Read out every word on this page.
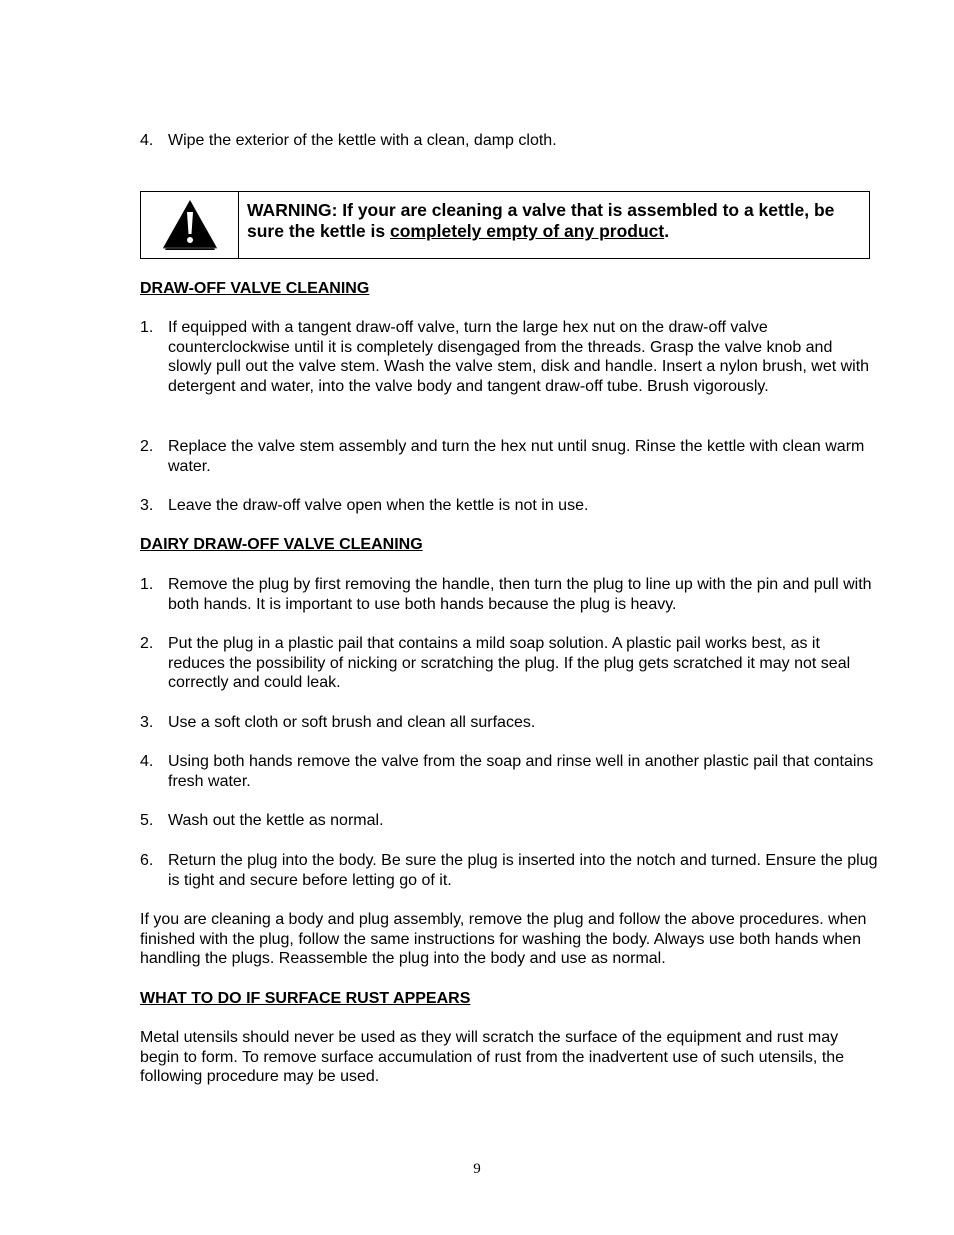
4. Wipe the exterior of the kettle with a clean, damp cloth.
WARNING: If your are cleaning a valve that is assembled to a kettle, be sure the kettle is completely empty of any product.
DRAW-OFF VALVE CLEANING
1. If equipped with a tangent draw-off valve, turn the large hex nut on the draw-off valve counterclockwise until it is completely disengaged from the threads. Grasp the valve knob and slowly pull out the valve stem. Wash the valve stem, disk and handle. Insert a nylon brush, wet with detergent and water, into the valve body and tangent draw-off tube. Brush vigorously.
2. Replace the valve stem assembly and turn the hex nut until snug. Rinse the kettle with clean warm water.
3. Leave the draw-off valve open when the kettle is not in use.
DAIRY DRAW-OFF VALVE CLEANING
1. Remove the plug by first removing the handle, then turn the plug to line up with the pin and pull with both hands. It is important to use both hands because the plug is heavy.
2. Put the plug in a plastic pail that contains a mild soap solution. A plastic pail works best, as it reduces the possibility of nicking or scratching the plug. If the plug gets scratched it may not seal correctly and could leak.
3. Use a soft cloth or soft brush and clean all surfaces.
4. Using both hands remove the valve from the soap and rinse well in another plastic pail that contains fresh water.
5. Wash out the kettle as normal.
6. Return the plug into the body. Be sure the plug is inserted into the notch and turned. Ensure the plug is tight and secure before letting go of it.
If you are cleaning a body and plug assembly, remove the plug and follow the above procedures. when finished with the plug, follow the same instructions for washing the body. Always use both hands when handling the plugs. Reassemble the plug into the body and use as normal.
WHAT TO DO IF SURFACE RUST APPEARS
Metal utensils should never be used as they will scratch the surface of the equipment and rust may begin to form. To remove surface accumulation of rust from the inadvertent use of such utensils, the following procedure may be used.
9
